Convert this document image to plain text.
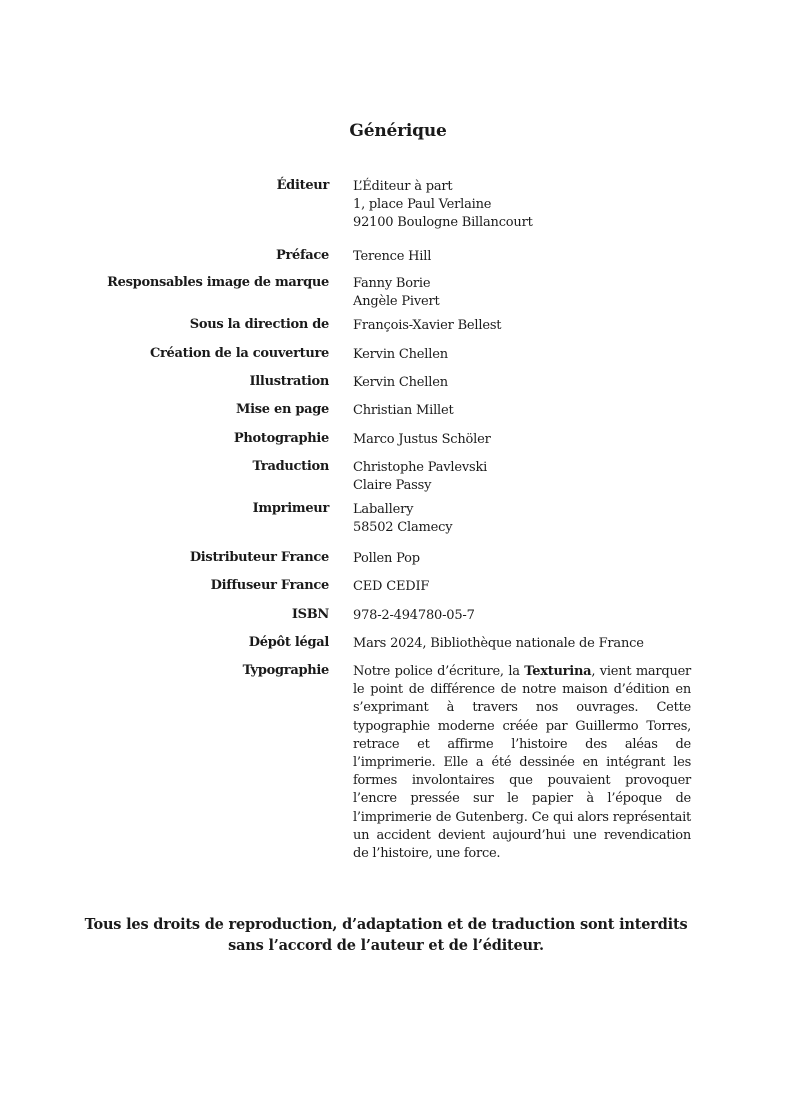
Générique
Éditeur L’Éditeur à part
1, place Paul Verlaine
92100 Boulogne Billancourt
Préface Terence Hill
Responsables image de marque Fanny Borie
Angèle Pivert
Sous la direction de François-Xavier Bellest
Création de la couverture Kervin Chellen
Illustration Kervin Chellen
Mise en page Christian Millet
Photographie Marco Justus Schöler
Traduction Christophe Pavlevski
Claire Passy
Imprimeur Laballery
58502 Clamecy
Distributeur France Pollen Pop
Diffuseur France CED CEDIF
ISBN 978-2-494780-05-7
Dépôt légal Mars 2024, Bibliothèque nationale de France
Typographie Notre police d’écriture, la Texturina, vient marquer le point de différence de notre maison d’édition en s’exprimant à travers nos ouvrages. Cette typographie moderne créée par Guillermo Torres, retrace et affirme l’histoire des aléas de l’imprimerie. Elle a été dessinée en intégrant les formes involontaires que pouvaient provoquer l’encre pressée sur le papier à l’époque de l’imprimerie de Gutenberg. Ce qui alors représentait un accident devient aujourd’hui une revendication de l’histoire, une force.
Tous les droits de reproduction, d’adaptation et de traduction sont interdits
sans l’accord de l’auteur et de l’éditeur.
